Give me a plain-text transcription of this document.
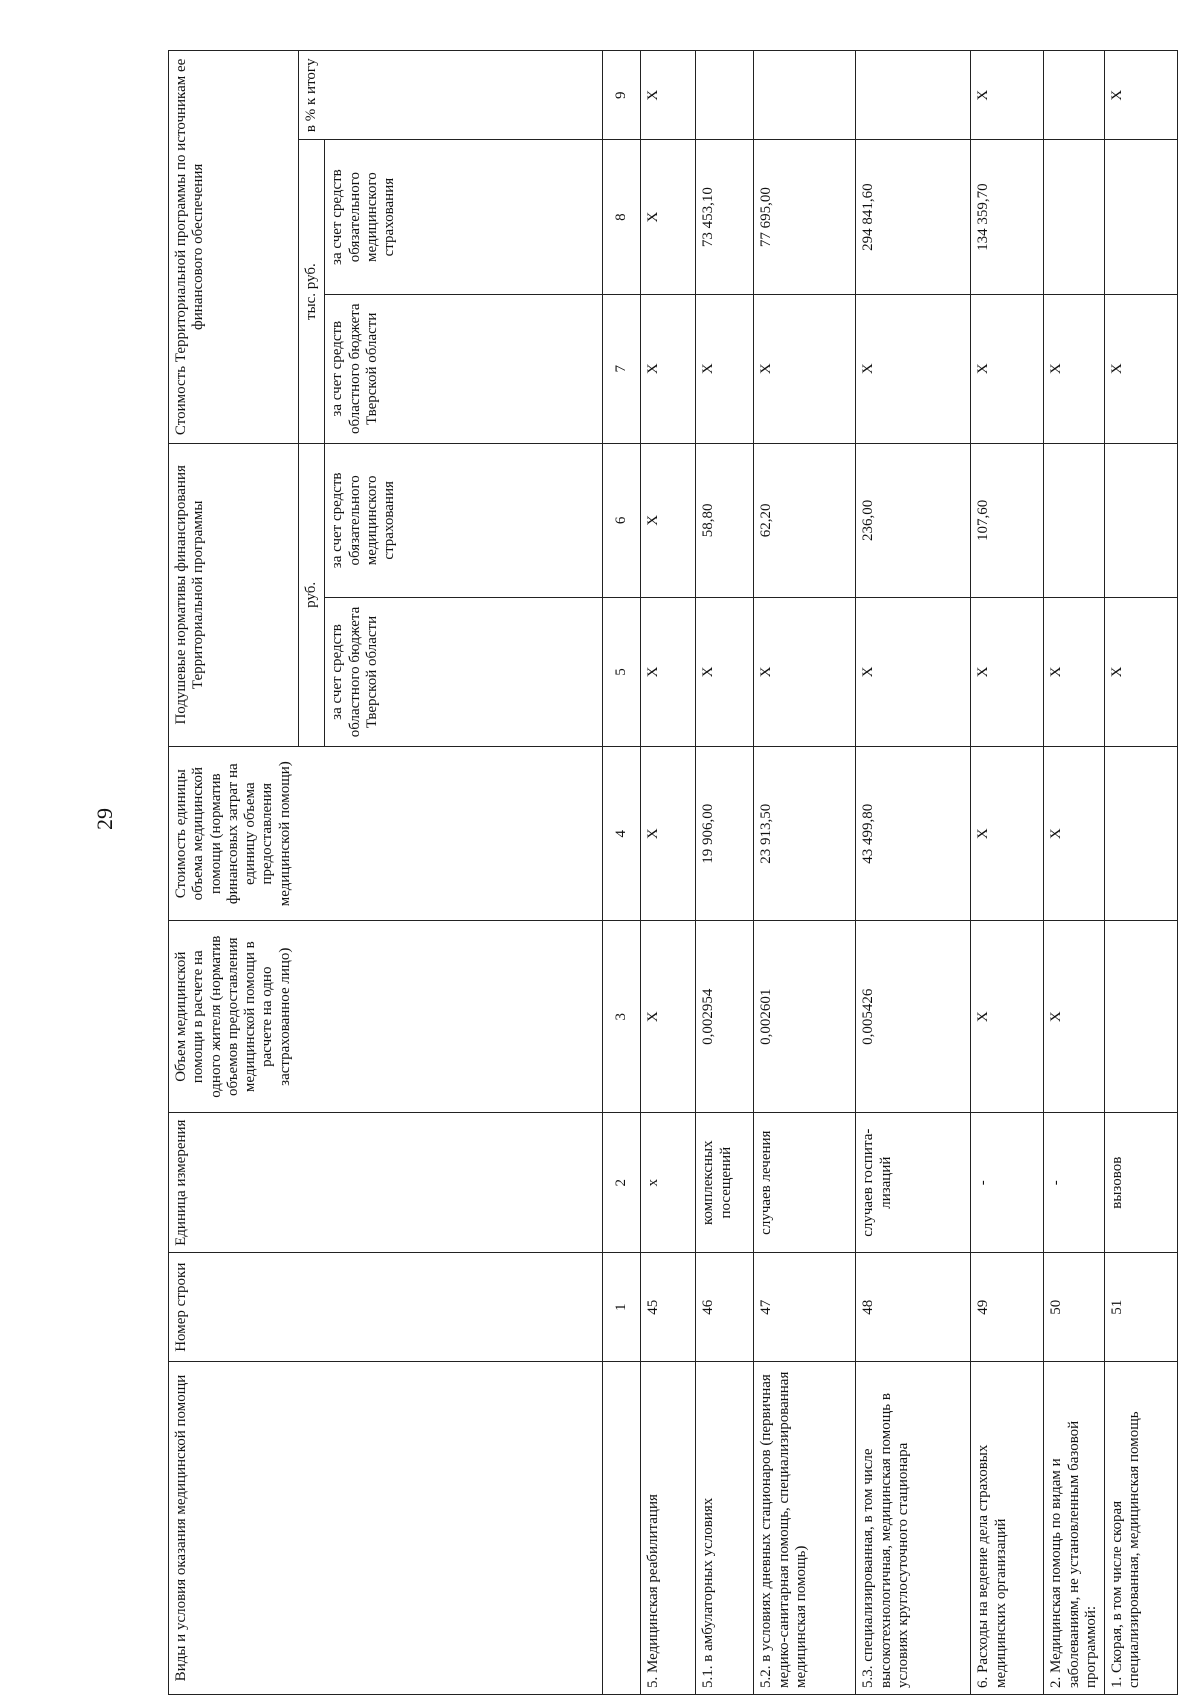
29
Виды и условия оказания медицинской помощи	Номер строки	Единица измерения	Объем медицинской помощи в расчете на одного жителя (норматив объемов предоставления медицинской помощи в расчете на одно застрахованное лицо)	Стоимость единицы объема медицинской помощи (норматив финансовых затрат на единицу объема предоставления медицинской помощи)	Подушевые нормативы финансирования Территориальной программы		Стоимость Территориальной программы по источникам ее финансового обеспечения		
					руб.		тыс. руб.		в % к итогу
					за счет средств областного бюджета Тверской области	за счет средств обязательного медицинского страхования	за счет средств областного бюджета Тверской области	за счет средств обязательного медицинского страхования	
	1	2	3	4	5	6	7	8	9
5. Медицинская реабилитация	45	х	X	X	X	X	X	X	X
5.1. в амбулаторных условиях	46	комплексных посещений	0,002954	19 906,00	X	58,80	X	73 453,10	
5.2. в условиях дневных стационаров (первичная медико-санитарная помощь, специализированная медицинская помощь)	47	случаев лечения	0,002601	23 913,50	X	62,20	X	77 695,00	
5.3. специализированная, в том числе высокотехнологичная, медицинская помощь в условиях круглосуточного стационара	48	случаев госпита-лизаций	0,005426	43 499,80	X	236,00	X	294 841,60	
6. Расходы на ведение дела страховых медицинских организаций	49	-	X	X	X	107,60	X	134 359,70	X
2. Медицинская помощь по видам и заболеваниям, не установленным базовой программой:	50	-	X	X	X		X		
1. Скорая, в том числе скорая специализированная, медицинская помощь	51	вызовов			X		X		X
